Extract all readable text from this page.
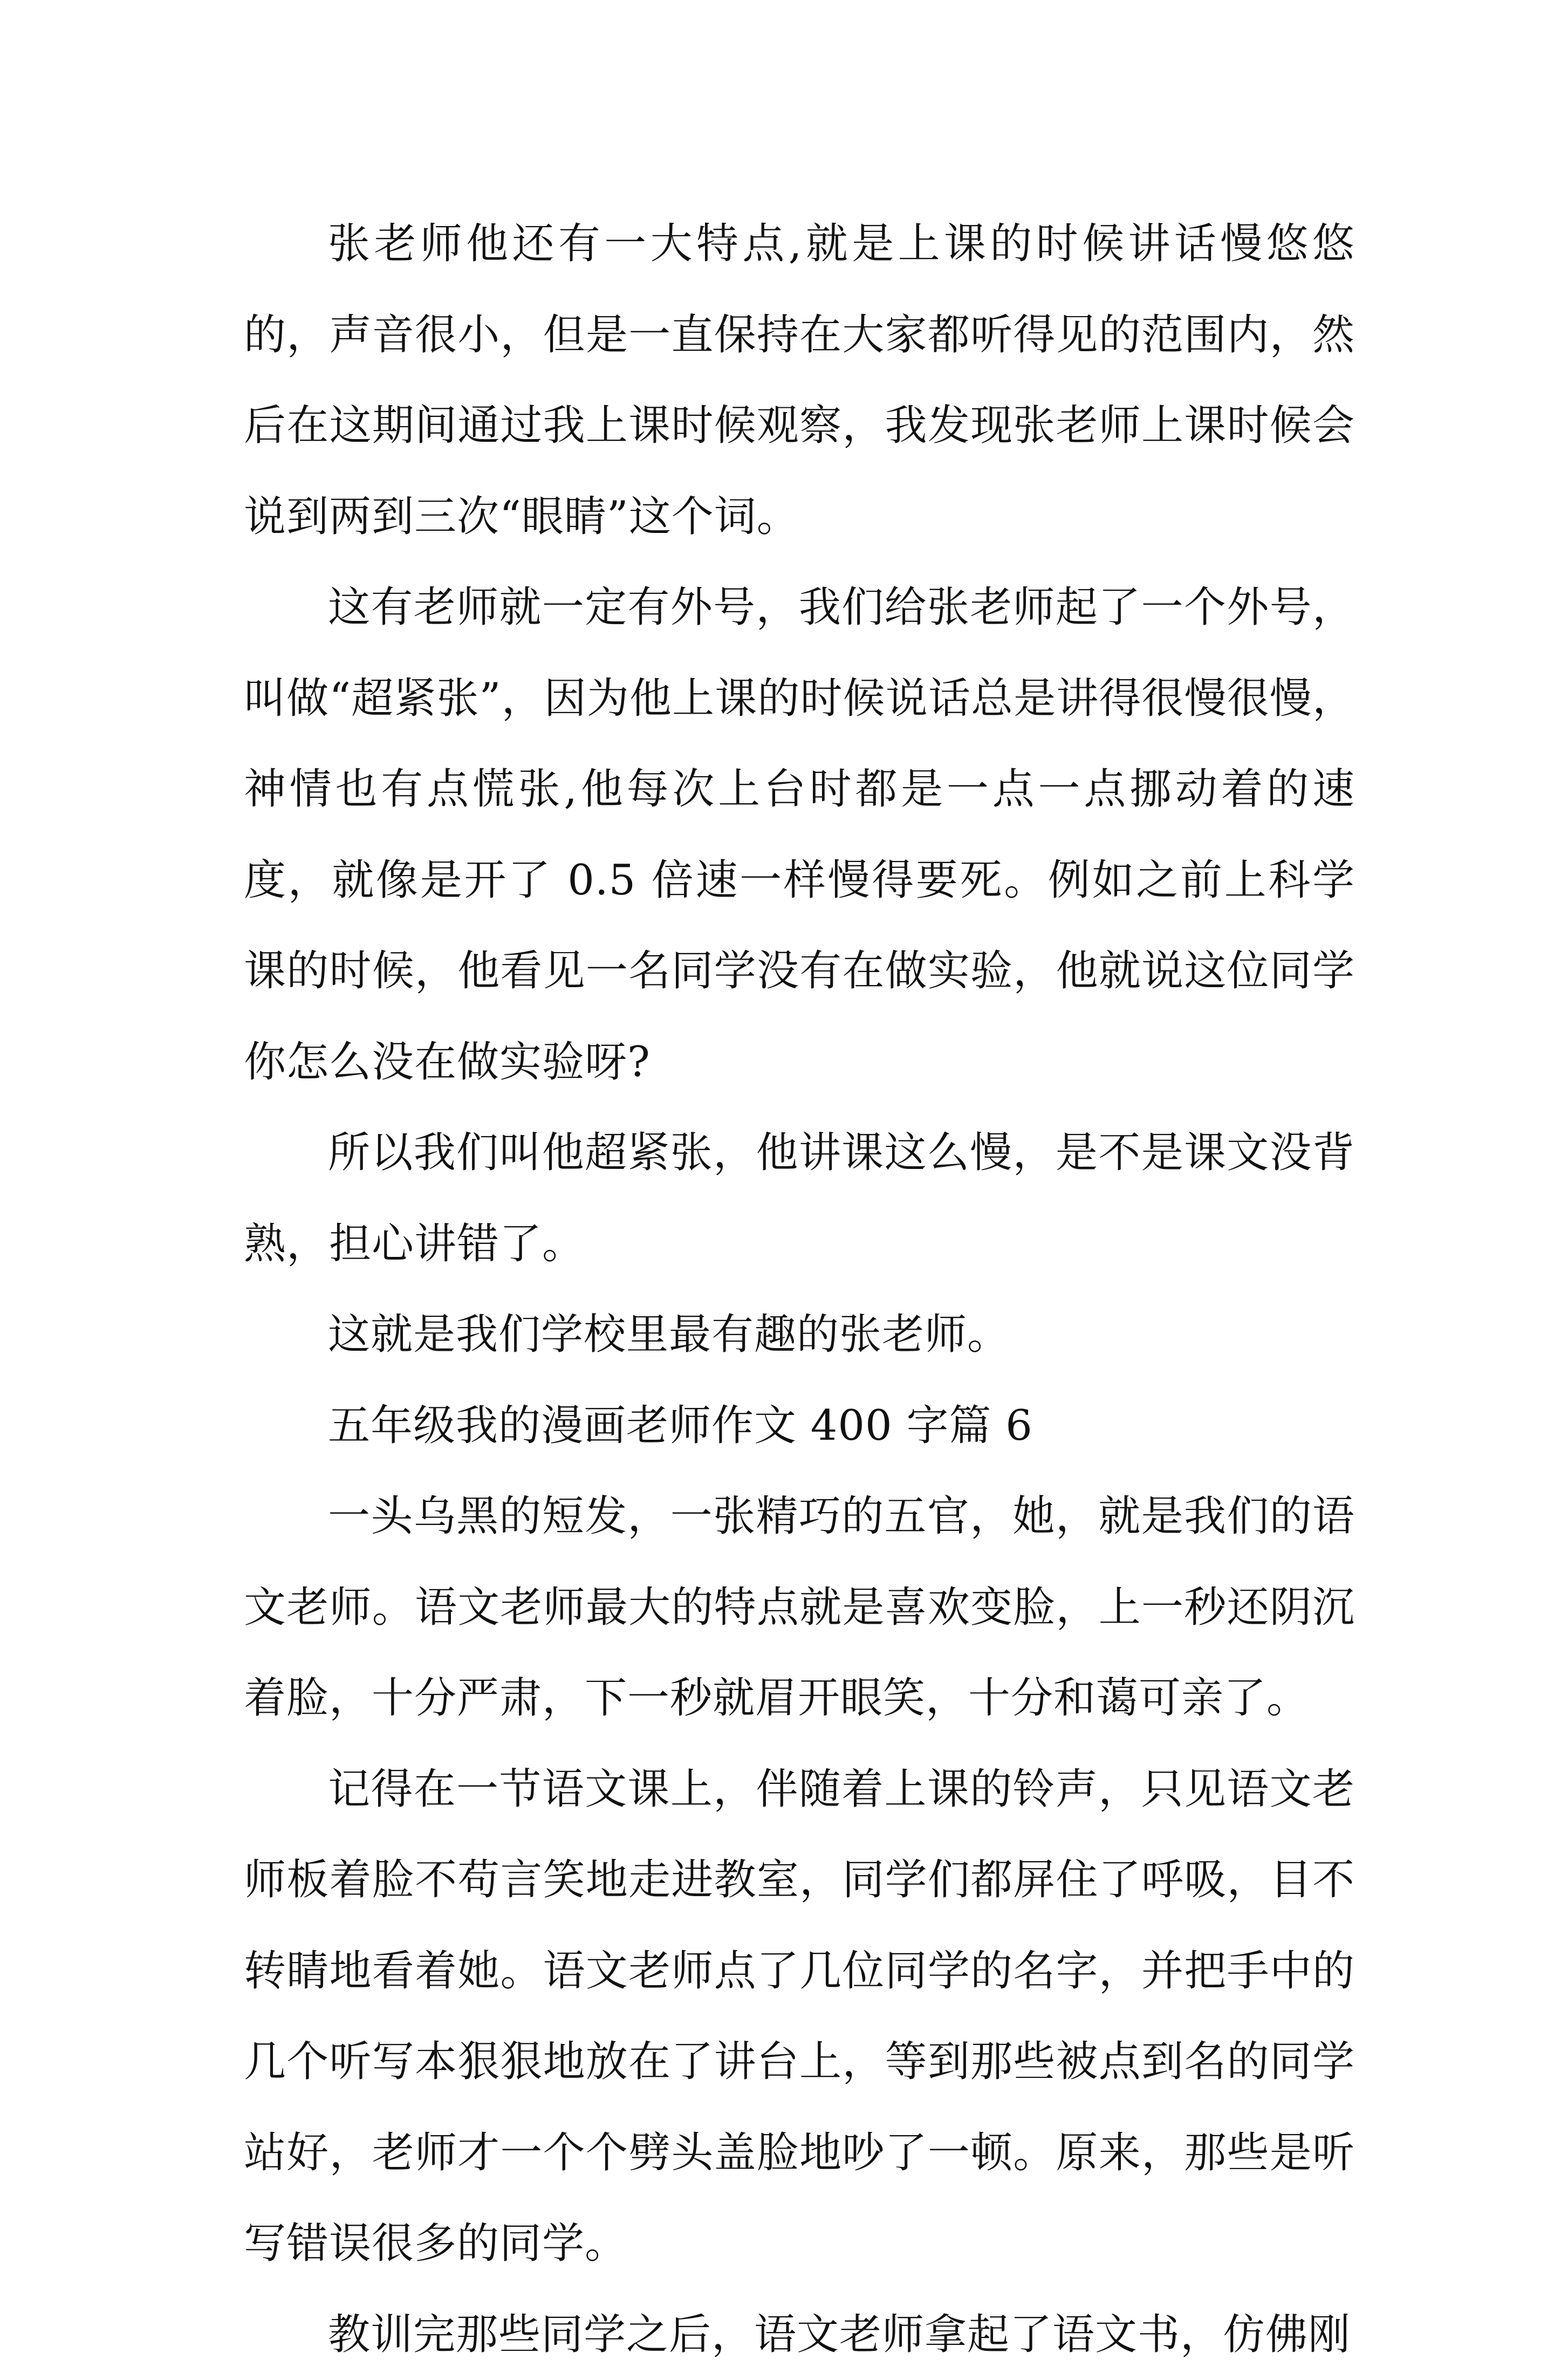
张老师他还有一大特点,就是上课的时候讲话慢悠悠的，声音很小，但是一直保持在大家都听得见的范围内，然后在这期间通过我上课时候观察，我发现张老师上课时候会说到两到三次“眼睛”这个词。

这有老师就一定有外号，我们给张老师起了一个外号，叫做“超紧张”，因为他上课的时候说话总是讲得很慢很慢，神情也有点慌张,他每次上台时都是一点一点挪动着的速度，就像是开了 0.5 倍速一样慢得要死。例如之前上科学课的时候，他看见一名同学没有在做实验，他就说这位同学你怎么没在做实验呀?

所以我们叫他超紧张，他讲课这么慢，是不是课文没背熟，担心讲错了。

这就是我们学校里最有趣的张老师。

五年级我的漫画老师作文 400 字篇 6

一头乌黑的短发，一张精巧的五官，她，就是我们的语文老师。语文老师最大的特点就是喜欢变脸，上一秒还阴沉着脸，十分严肃，下一秒就眉开眼笑，十分和蔼可亲了。

记得在一节语文课上，伴随着上课的铃声，只见语文老师板着脸不苟言笑地走进教室，同学们都屏住了呼吸，目不转睛地看着她。语文老师点了几位同学的名字，并把手中的几个听写本狠狠地放在了讲台上，等到那些被点到名的同学站好，老师才一个个劈头盖脸地吵了一顿。原来，那些是听写错误很多的同学。

教训完那些同学之后，语文老师拿起了语文书，仿佛刚
